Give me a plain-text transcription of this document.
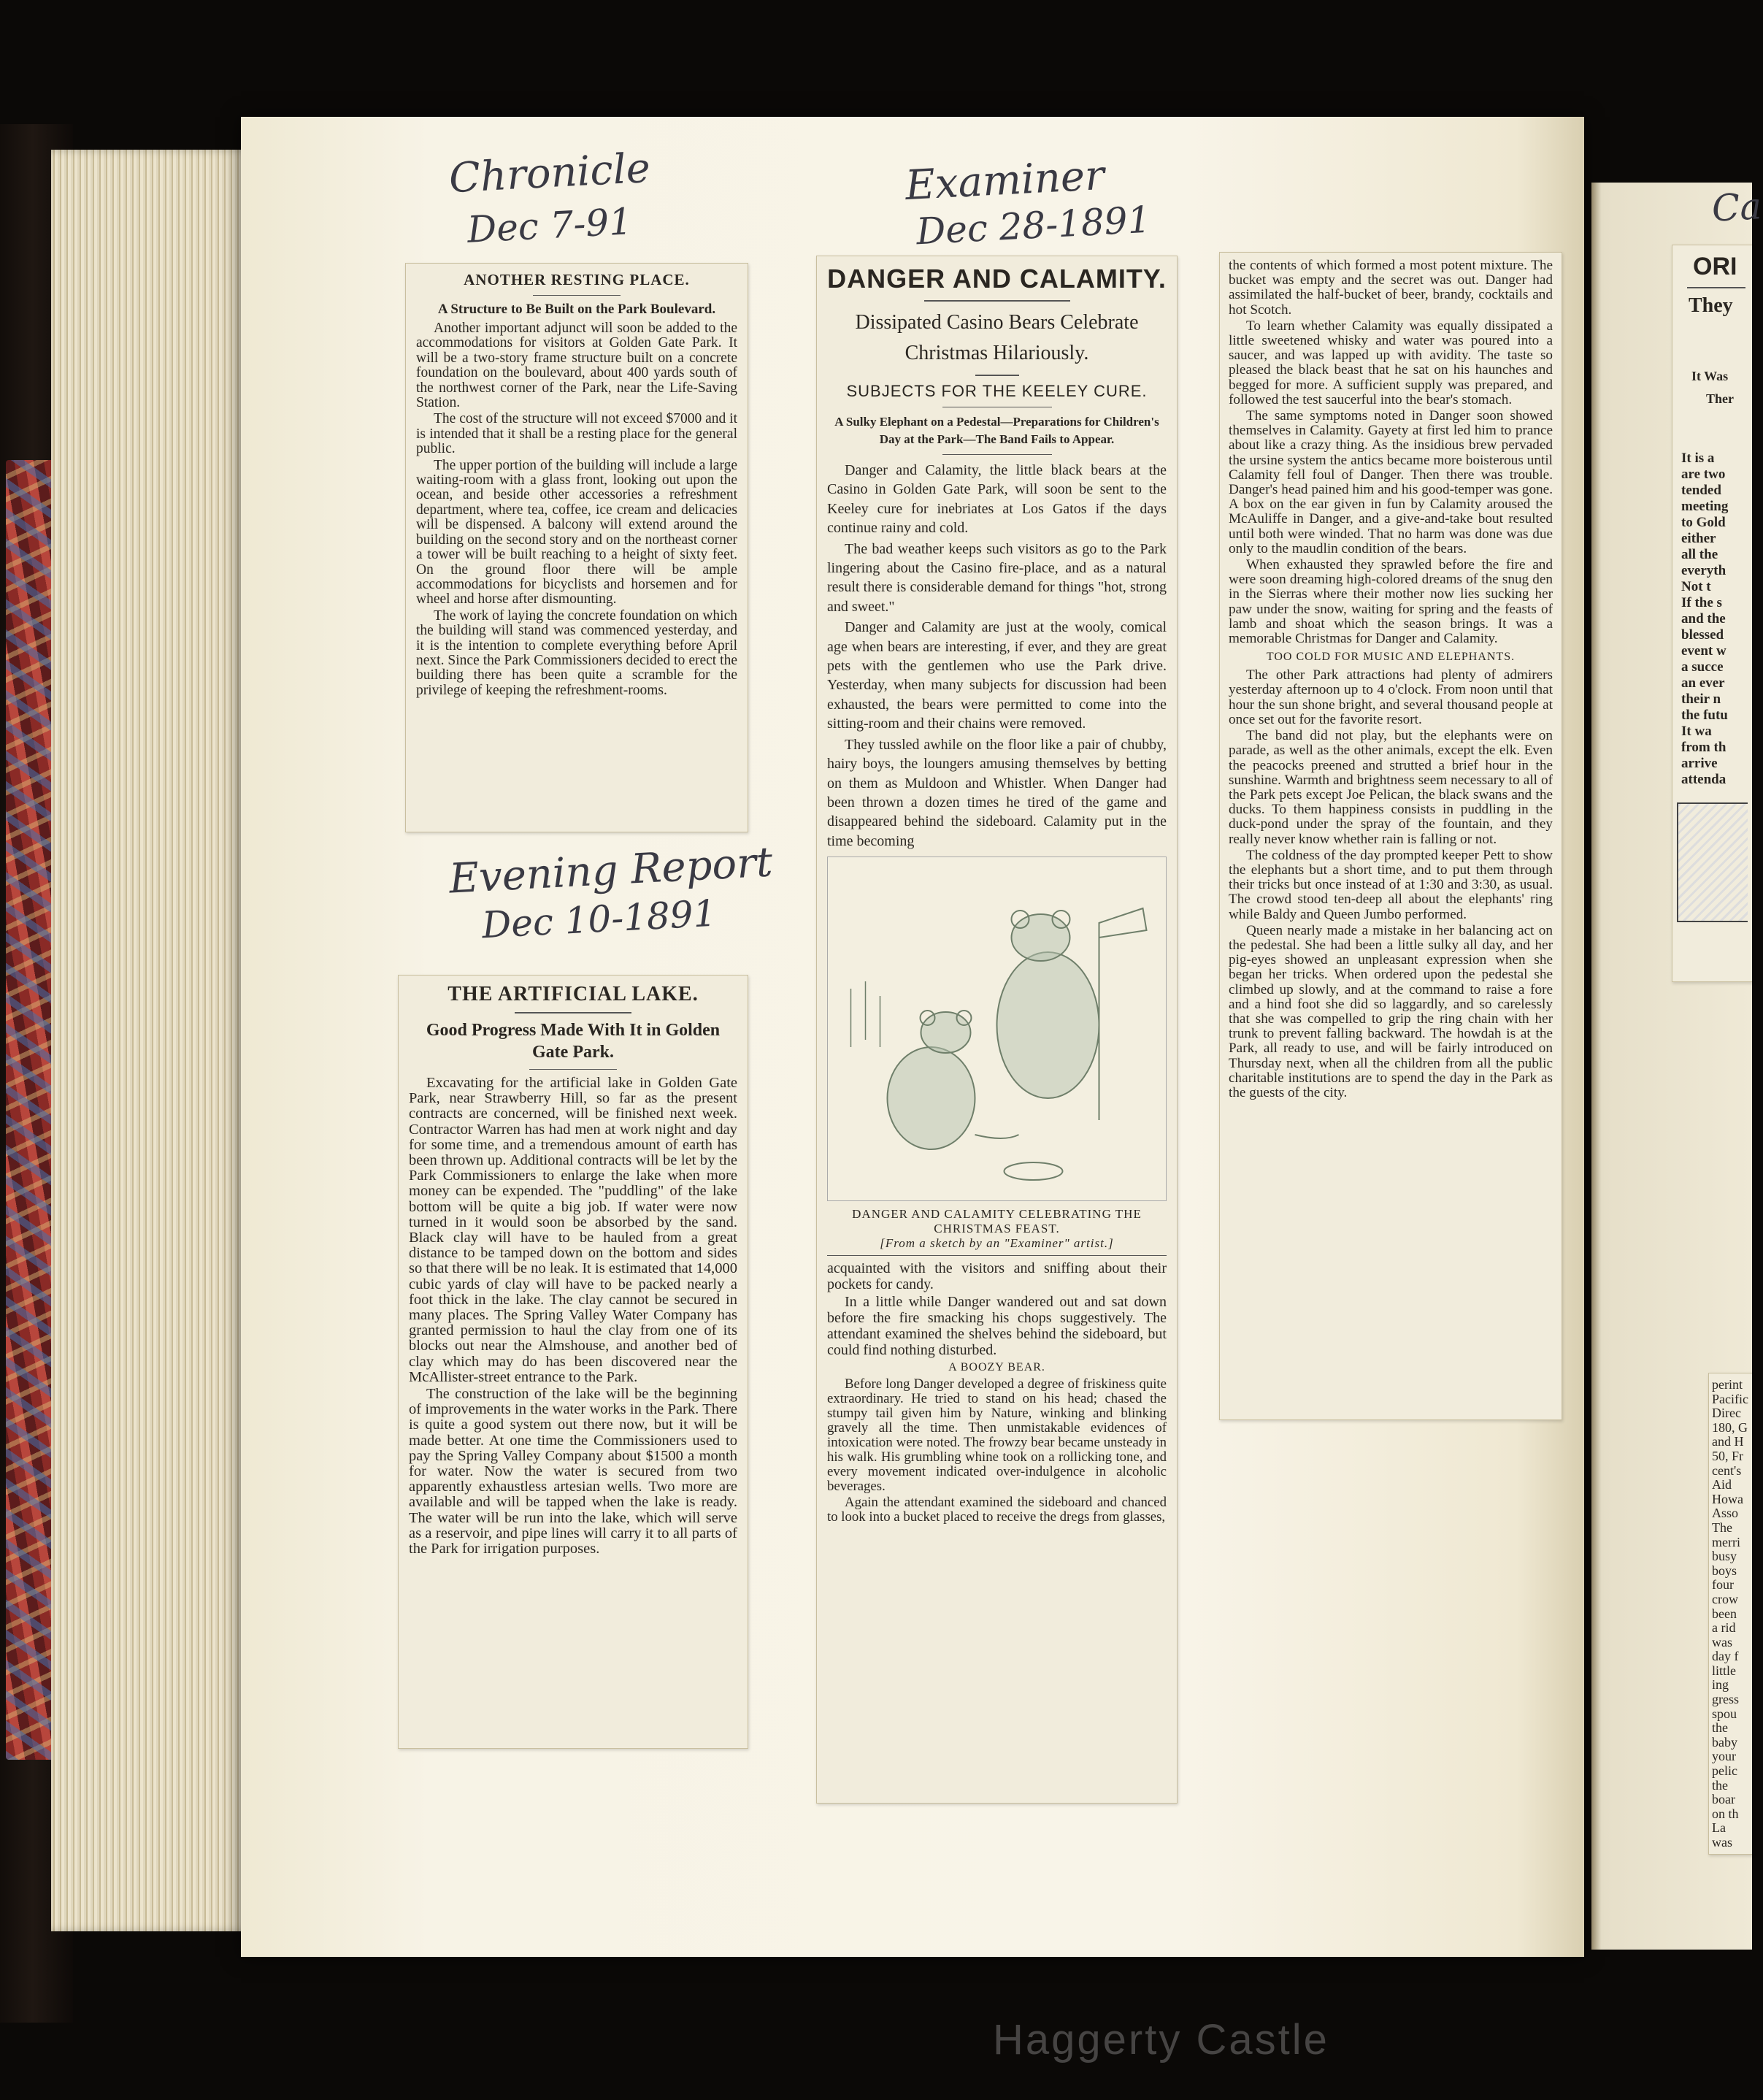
Chronicle
Dec 7-91
Examiner
Dec 28-1891
Evening Report
Dec 10-1891
ANOTHER RESTING PLACE.
A Structure to Be Built on the Park Boulevard.

Another important adjunct will soon be added to the accommodations for visitors at Golden Gate Park. It will be a two-story frame structure built on a concrete foundation on the boulevard, about 400 yards south of the northwest corner of the Park, near the Life-Saving Station.

The cost of the structure will not exceed $7000 and it is intended that it shall be a resting place for the general public.

The upper portion of the building will include a large waiting-room with a glass front, looking out upon the ocean, and beside other accessories a refreshment department, where tea, coffee, ice cream and delicacies will be dispensed. A balcony will extend around the building on the second story and on the northeast corner a tower will be built reaching to a height of sixty feet. On the ground floor there will be ample accommodations for bicyclists and horsemen and for wheel and horse after dismounting.

The work of laying the concrete foundation on which the building will stand was commenced yesterday, and it is the intention to complete everything before April next. Since the Park Commissioners decided to erect the building there has been quite a scramble for the privilege of keeping the refreshment-rooms.

THE ARTIFICIAL LAKE.
Good Progress Made With It in Golden Gate Park.

Excavating for the artificial lake in Golden Gate Park, near Strawberry Hill, so far as the present contracts are concerned, will be finished next week. Contractor Warren has had men at work night and day for some time, and a tremendous amount of earth has been thrown up. Additional contracts will be let by the Park Commissioners to enlarge the lake when more money can be expended. The "puddling" of the lake bottom will be quite a big job. If water were now turned in it would soon be absorbed by the sand. Black clay will have to be hauled from a great distance to be tamped down on the bottom and sides so that there will be no leak. It is estimated that 14,000 cubic yards of clay will have to be packed nearly a foot thick in the lake. The clay cannot be secured in many places. The Spring Valley Water Company has granted permission to haul the clay from one of its blocks out near the Almshouse, and another bed of clay which may do has been discovered near the McAllister-street entrance to the Park.

The construction of the lake will be the beginning of improvements in the water works in the Park. There is quite a good system out there now, but it will be made better. At one time the Commissioners used to pay the Spring Valley Company about $1500 a month for water. Now the water is secured from two apparently exhaustless artesian wells. Two more are available and will be tapped when the lake is ready. The water will be run into the lake, which will serve as a reservoir, and pipe lines will carry it to all parts of the Park for irrigation purposes.

DANGER AND CALAMITY.
Dissipated Casino Bears Celebrate Christmas Hilariously.
SUBJECTS FOR THE KEELEY CURE.
A Sulky Elephant on a Pedestal—Preparations for Children's Day at the Park—The Band Fails to Appear.

Danger and Calamity, the little black bears at the Casino in Golden Gate Park, will soon be sent to the Keeley cure for inebriates at Los Gatos if the days continue rainy and cold.

The bad weather keeps such visitors as go to the Park lingering about the Casino fire-place, and as a natural result there is considerable demand for things "hot, strong and sweet."

Danger and Calamity are just at the wooly, comical age when bears are interesting, if ever, and they are great pets with the gentlemen who use the Park drive. Yesterday, when many subjects for discussion had been exhausted, the bears were permitted to come into the sitting-room and their chains were removed.

They tussled awhile on the floor like a pair of chubby, hairy boys, the loungers amusing themselves by betting on them as Muldoon and Whistler. When Danger had been thrown a dozen times he tired of the game and disappeared behind the sideboard. Calamity put in the time becoming

DANGER AND CALAMITY CELEBRATING THE CHRISTMAS FEAST.
[From a sketch by an "Examiner" artist.]

acquainted with the visitors and sniffing about their pockets for candy.

In a little while Danger wandered out and sat down before the fire smacking his chops suggestively. The attendant examined the shelves behind the sideboard, but could find nothing disturbed.

A BOOZY BEAR.

Before long Danger developed a degree of friskiness quite extraordinary. He tried to stand on his head; chased the stumpy tail given him by Nature, winking and blinking gravely all the time. Then unmistakable evidences of intoxication were noted. The frowzy bear became unsteady in his walk. His grumbling whine took on a rollicking tone, and every movement indicated over-indulgence in alcoholic beverages.

Again the attendant examined the sideboard and chanced to look into a bucket placed to receive the dregs from glasses,

the contents of which formed a most potent mixture. The bucket was empty and the secret was out. Danger had assimilated the half-bucket of beer, brandy, cocktails and hot Scotch.

To learn whether Calamity was equally dissipated a little sweetened whisky and water was poured into a saucer, and was lapped up with avidity. The taste so pleased the black beast that he sat on his haunches and begged for more. A sufficient supply was prepared, and followed the test saucerful into the bear's stomach.

The same symptoms noted in Danger soon showed themselves in Calamity. Gayety at first led him to prance about like a crazy thing. As the insidious brew pervaded the ursine system the antics became more boisterous until Calamity fell foul of Danger. Then there was trouble. Danger's head pained him and his good-temper was gone. A box on the ear given in fun by Calamity aroused the McAuliffe in Danger, and a give-and-take bout resulted until both were winded. That no harm was done was due only to the maudlin condition of the bears.

When exhausted they sprawled before the fire and were soon dreaming high-colored dreams of the snug den in the Sierras where their mother now lies sucking her paw under the snow, waiting for spring and the feasts of lamb and shoat which the season brings. It was a memorable Christmas for Danger and Calamity.

TOO COLD FOR MUSIC AND ELEPHANTS.

The other Park attractions had plenty of admirers yesterday afternoon up to 4 o'clock. From noon until that hour the sun shone bright, and several thousand people at once set out for the favorite resort.

The band did not play, but the elephants were on parade, as well as the other animals, except the elk. Even the peacocks preened and strutted a brief hour in the sunshine. Warmth and brightness seem necessary to all of the Park pets except Joe Pelican, the black swans and the ducks. To them happiness consists in puddling in the duck-pond under the spray of the fountain, and they really never know whether rain is falling or not.

The coldness of the day prompted keeper Pett to show the elephants but a short time, and to put them through their tricks but once instead of at 1:30 and 3:30, as usual. The crowd stood ten-deep all about the elephants' ring while Baldy and Queen Jumbo performed.

Queen nearly made a mistake in her balancing act on the pedestal. She had been a little sulky all day, and her pig-eyes showed an unpleasant expression when she began her tricks. When ordered upon the pedestal she climbed up slowly, and at the command to raise a fore and a hind foot she did so laggardly, and so carelessly that she was compelled to grip the ring chain with her trunk to prevent falling backward. The howdah is at the Park, all ready to use, and will be fairly introduced on Thursday next, when all the children from all the public charitable institutions are to spend the day in the Park as the guests of the city.

Ca
ORI
They
It Was
Ther
It is a
are two
tended
meeting
to Gold
either
all the
everyth
Not t
If the s
and the
blessed
event w
a succe
an ever
their n
the futu
It wa
from th
arrive
attenda
perint
Pacific
Direc
180, G
and H
50, Fr
cent's
Aid
Howa
Asso
The
merri
busy
boys
four
crow
been
a rid
was
day f
little
ing
gress
spou
the
baby
your
pelic
the
boar
on th
La
was
Haggerty Castle
